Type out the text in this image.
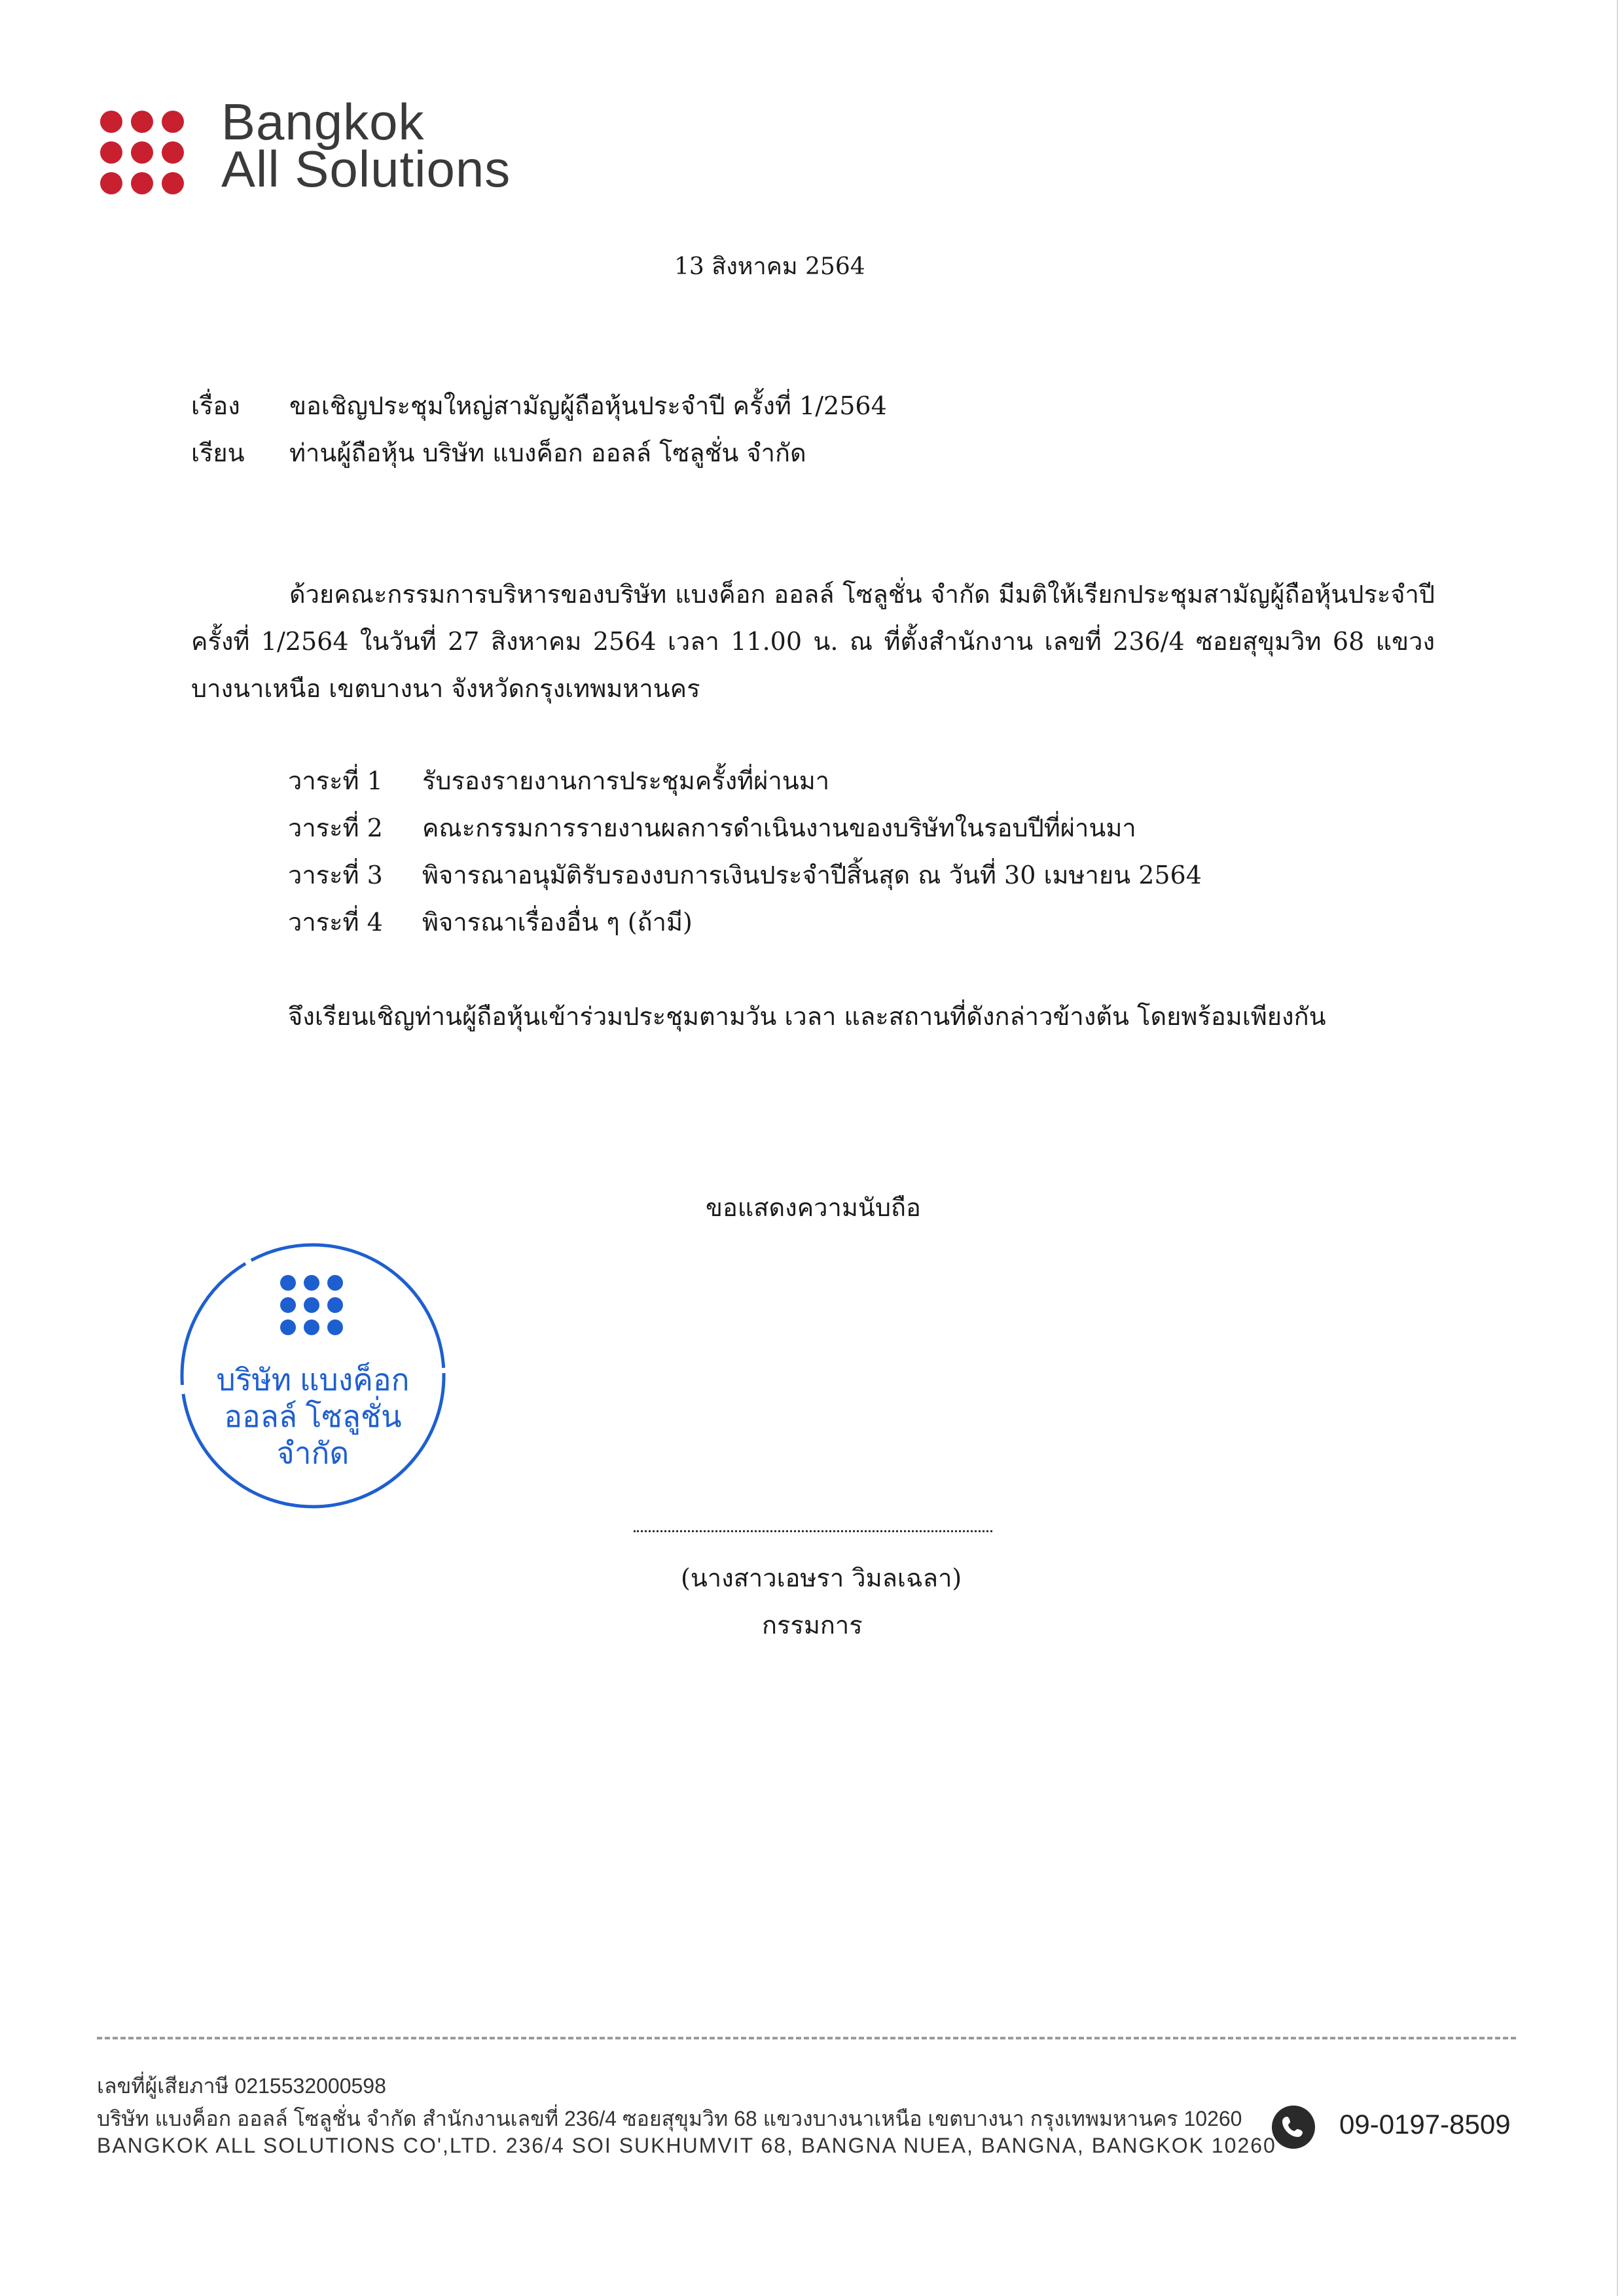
Bangkok
All Solutions
13 สิงหาคม 2564
เรื่อง	ขอเชิญประชุมใหญ่สามัญผู้ถือหุ้นประจำปี ครั้งที่ 1/2564
เรียน	ท่านผู้ถือหุ้น บริษัท แบงค็อก ออลล์ โซลูชั่น จำกัด

ด้วยคณะกรรมการบริหารของบริษัท แบงค็อก ออลล์ โซลูชั่น จำกัด มีมติให้เรียกประชุมสามัญผู้ถือหุ้นประจำปี ครั้งที่ 1/2564 ในวันที่ 27 สิงหาคม 2564 เวลา 11.00 น. ณ ที่ตั้งสำนักงาน เลขที่ 236/4 ซอยสุขุมวิท 68 แขวงบางนาเหนือ เขตบางนา จังหวัดกรุงเทพมหานคร

วาระที่ 1 รับรองรายงานการประชุมครั้งที่ผ่านมา
วาระที่ 2 คณะกรรมการรายงานผลการดำเนินงานของบริษัทในรอบปีที่ผ่านมา
วาระที่ 3 พิจารณาอนุมัติรับรองงบการเงินประจำปีสิ้นสุด ณ วันที่ 30 เมษายน 2564
วาระที่ 4 พิจารณาเรื่องอื่น ๆ (ถ้ามี)
จึงเรียนเชิญท่านผู้ถือหุ้นเข้าร่วมประชุมตามวัน เวลา และสถานที่ดังกล่าวข้างต้น โดยพร้อมเพียงกัน
ขอแสดงความนับถือ
บริษัท แบงค็อก
ออลล์ โซลูชั่น
จำกัด
(นางสาวเอษรา วิมลเฉลา)
กรรมการ
เลขที่ผู้เสียภาษี 0215532000598
บริษัท แบงค็อก ออลล์ โซลูชั่น จำกัด สำนักงานเลขที่ 236/4 ซอยสุขุมวิท 68 แขวงบางนาเหนือ เขตบางนา กรุงเทพมหานคร 10260
BANGKOK ALL SOLUTIONS CO',LTD. 236/4 SOI SUKHUMVIT 68, BANGNA NUEA, BANGNA, BANGKOK 10260
09-0197-8509
